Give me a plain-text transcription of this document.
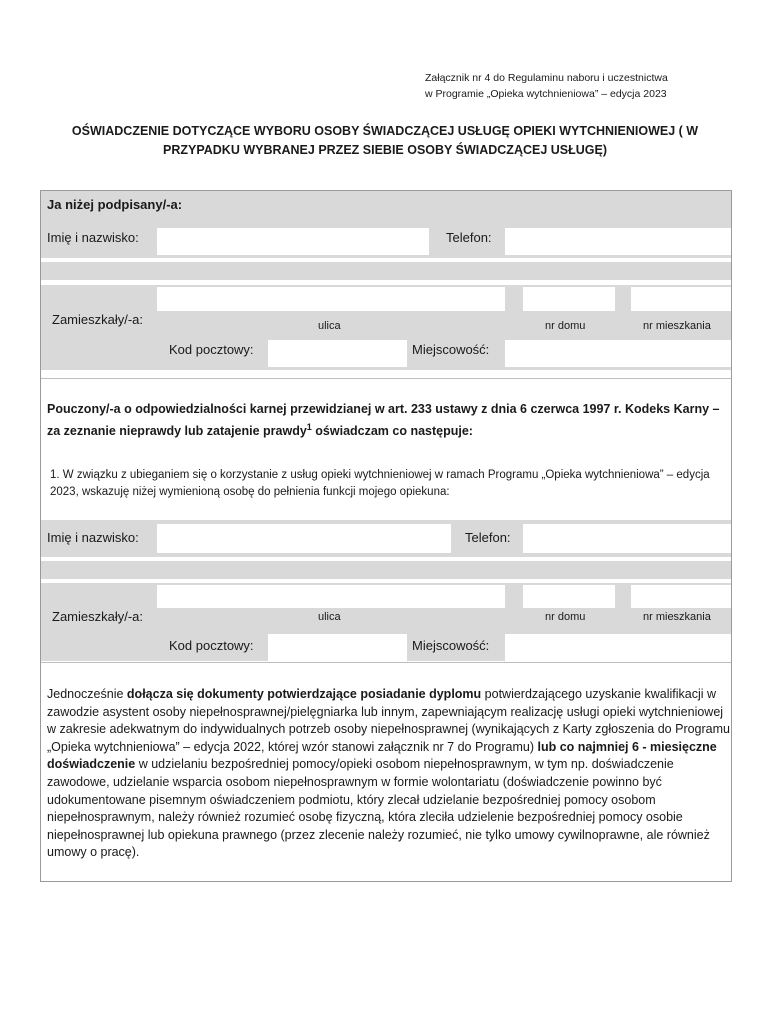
Załącznik nr 4 do Regulaminu naboru i uczestnictwa
w Programie „Opieka wytchnieniowa” – edycja 2023
OŚWIADCZENIE DOTYCZĄCE WYBORU OSOBY ŚWIADCZĄCEJ USŁUGĘ OPIEKI WYTCHNIENIOWEJ ( W PRZYPADKU WYBRANEJ PRZEZ SIEBIE OSOBY ŚWIADCZĄCEJ USŁUGĘ)
Ja niżej podpisany/-a:
Imię i nazwisko:	Telefon:
Zamieszkały/-a:	ulica	nr domu	nr mieszkania
Kod pocztowy:	Miejscowość:
Pouczony/-a o odpowiedzialności karnej przewidzianej w art. 233 ustawy z dnia 6 czerwca 1997 r. Kodeks Karny – za zeznanie nieprawdy lub zatajenie prawdy$^1$ oświadczam co następuje:
1. W związku z ubieganiem się o korzystanie z usług opieki wytchnieniowej w ramach Programu „Opieka wytchnieniowa” – edycja 2023, wskazuję niżej wymienioną osobę do pełnienia funkcji mojego opiekuna:
Imię i nazwisko:	Telefon:
Zamieszkały/-a:	ulica	nr domu	nr mieszkania
Kod pocztowy:	Miejscowość:
Jednocześnie dołącza się dokumenty potwierdzające posiadanie dyplomu potwierdzającego uzyskanie kwalifikacji w zawodzie asystent osoby niepełnosprawnej/pielęgniarka lub innym, zapewniającym realizację usługi opieki wytchnieniowej w zakresie adekwatnym do indywidualnych potrzeb osoby niepełnosprawnej (wynikających z Karty zgłoszenia do Programu „Opieka wytchnieniowa” – edycja 2022, której wzór stanowi załącznik nr 7 do Programu) lub co najmniej 6 - miesięczne doświadczenie w udzielaniu bezpośredniej pomocy/opieki osobom niepełnosprawnym, w tym np. doświadczenie zawodowe, udzielanie wsparcia osobom niepełnosprawnym w formie wolontariatu (doświadczenie powinno być udokumentowane pisemnym oświadczeniem podmiotu, który zlecał udzielanie bezpośredniej pomocy osobom niepełnosprawnym, należy również rozumieć osobę fizyczną, która zleciła udzielenie bezpośredniej pomocy osobie niepełnosprawnej lub opiekuna prawnego (przez zlecenie należy rozumieć, nie tylko umowy cywilnoprawne, ale również umowy o pracę).
